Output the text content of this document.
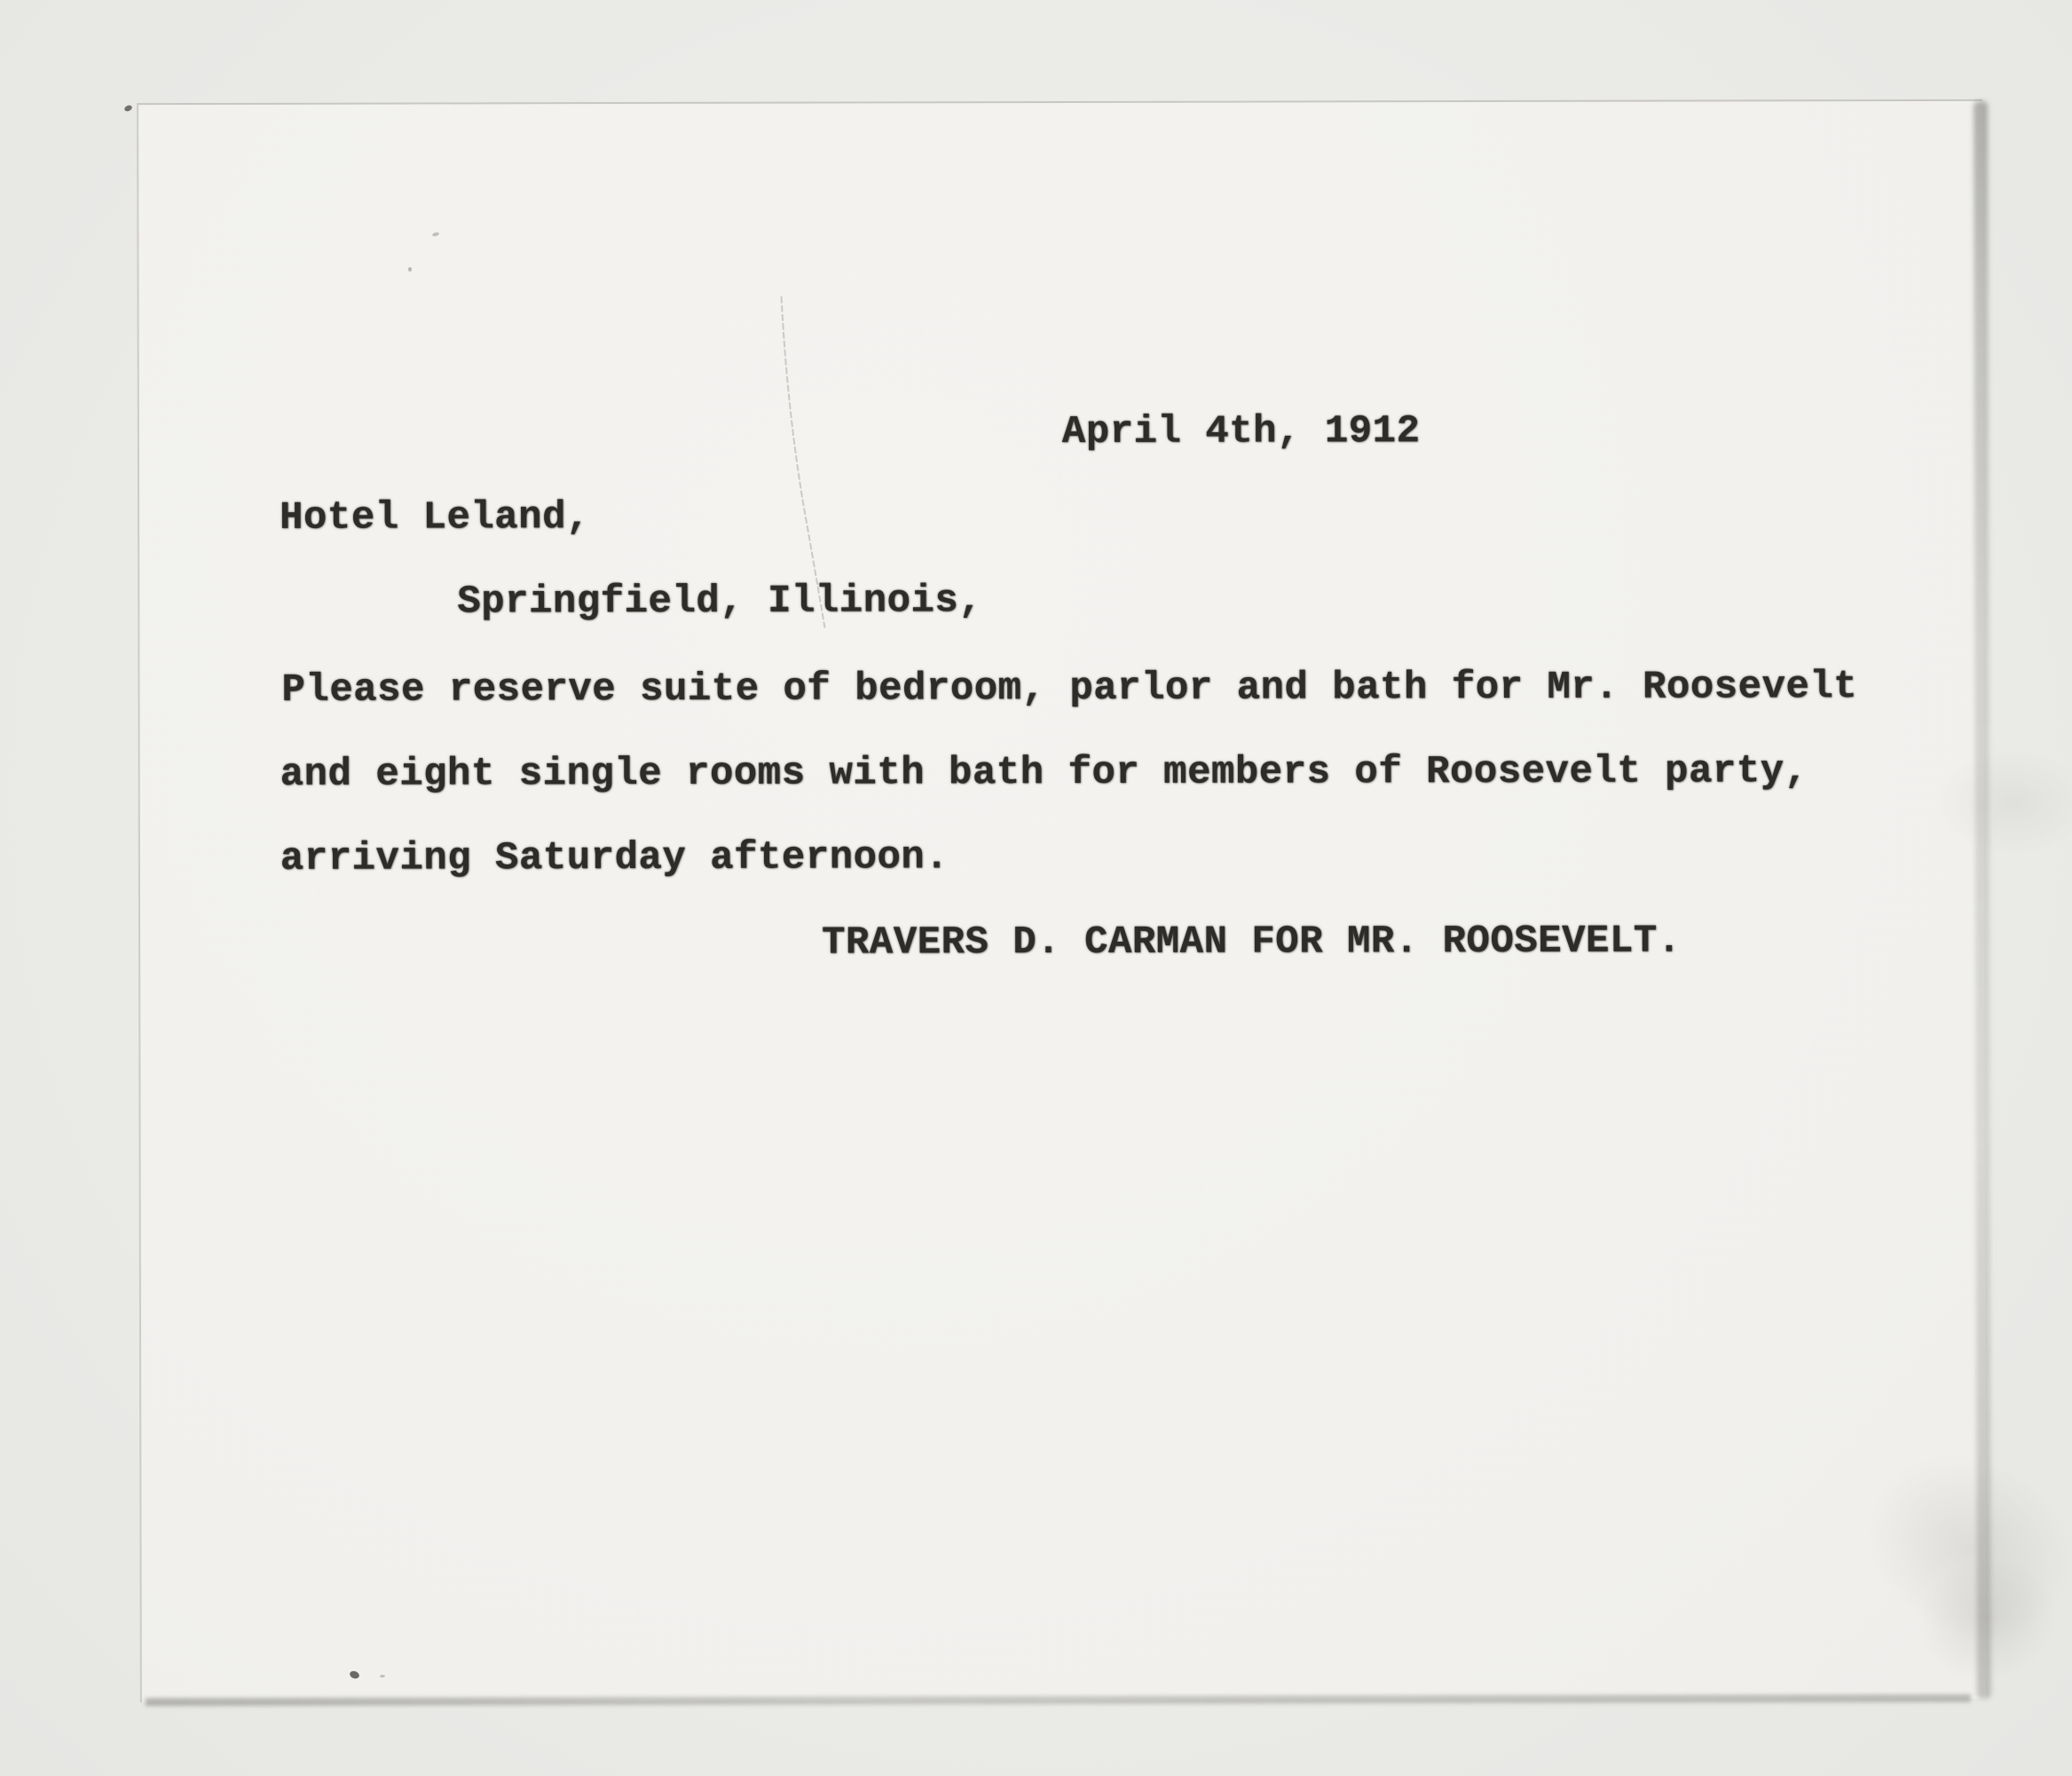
April 4th, 1912
Hotel Leland,
Springfield, Illinois,
Please reserve suite of bedroom, parlor and bath for Mr. Roosevelt
and eight single rooms with bath for members of Roosevelt party,
arriving Saturday afternoon.
TRAVERS D. CARMAN FOR MR. ROOSEVELT.
